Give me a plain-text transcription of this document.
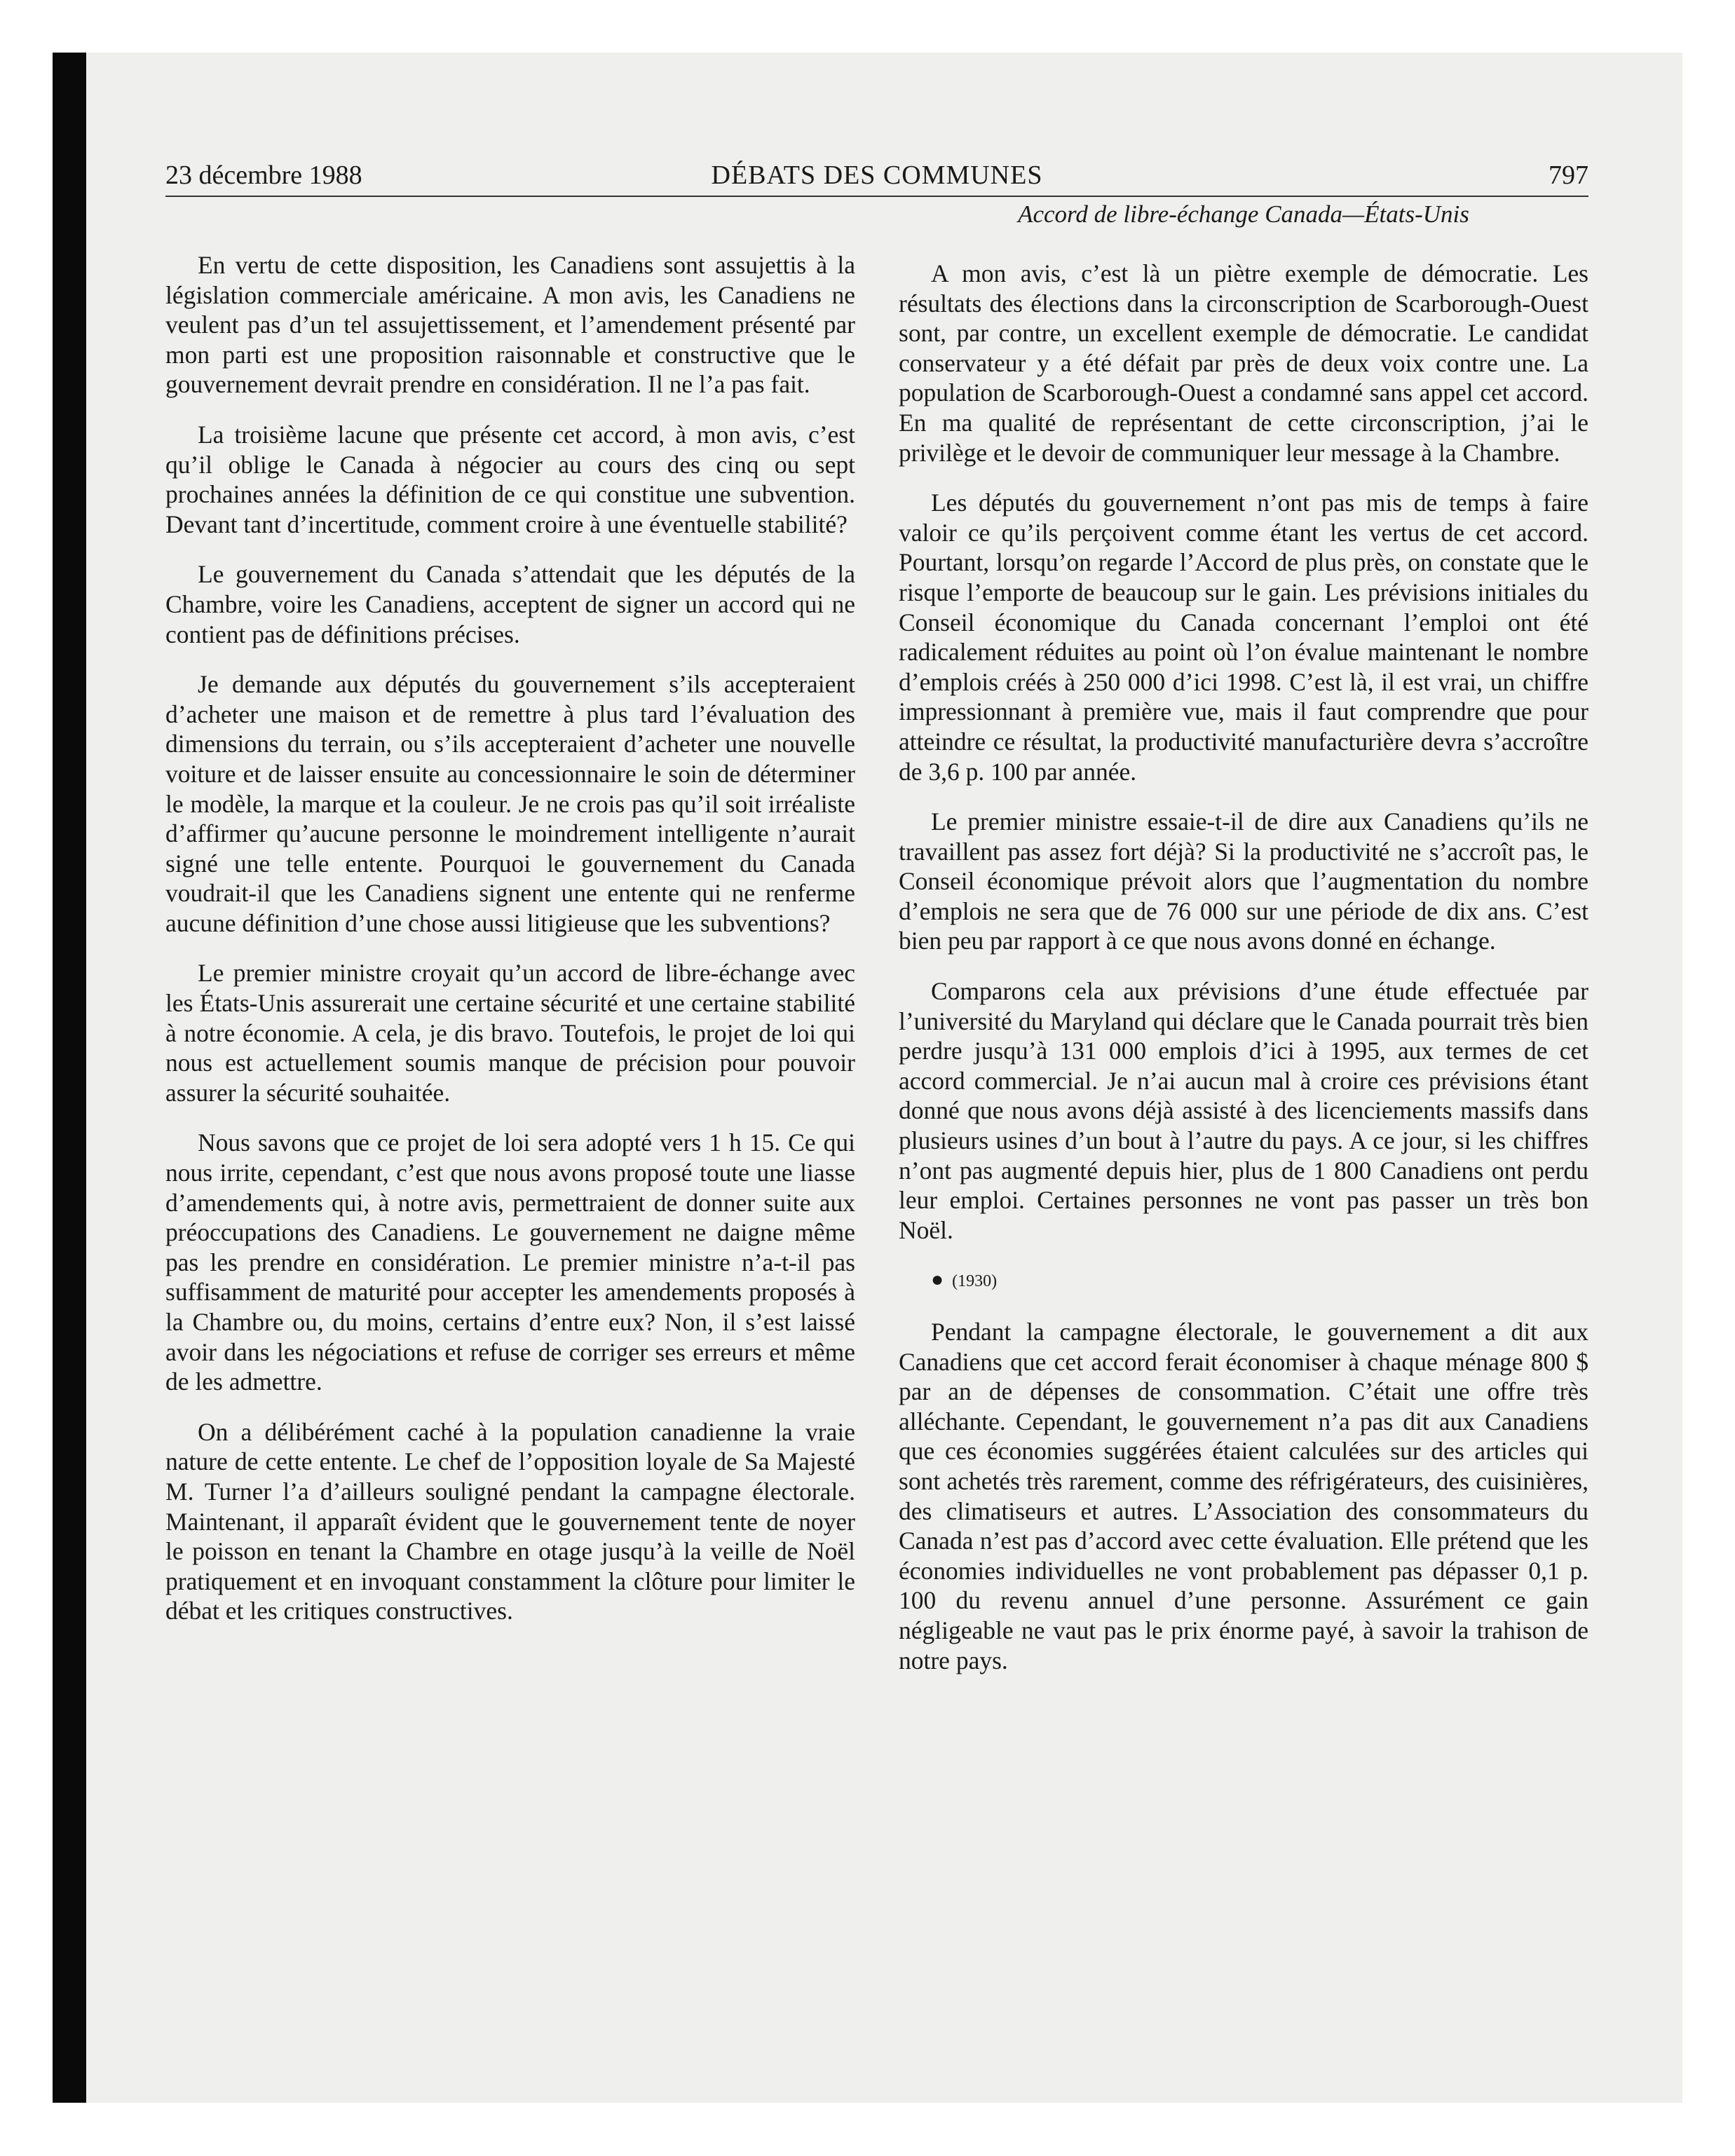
23 décembre 1988	DÉBATS DES COMMUNES	797
Accord de libre-échange Canada—États-Unis

En vertu de cette disposition, les Canadiens sont assujettis à la législation commerciale américaine. A mon avis, les Canadiens ne veulent pas d’un tel assujettissement, et l’amendement présenté par mon parti est une proposition raisonnable et constructive que le gouvernement devrait prendre en considération. Il ne l’a pas fait.

La troisième lacune que présente cet accord, à mon avis, c’est qu’il oblige le Canada à négocier au cours des cinq ou sept prochaines années la définition de ce qui constitue une subvention. Devant tant d’incertitude, comment croire à une éventuelle stabilité?

Le gouvernement du Canada s’attendait que les députés de la Chambre, voire les Canadiens, acceptent de signer un accord qui ne contient pas de définitions précises.

Je demande aux députés du gouvernement s’ils accepteraient d’acheter une maison et de remettre à plus tard l’évaluation des dimensions du terrain, ou s’ils accepteraient d’acheter une nouvelle voiture et de laisser ensuite au concessionnaire le soin de déterminer le modèle, la marque et la couleur. Je ne crois pas qu’il soit irréaliste d’affirmer qu’aucune personne le moindrement intelligente n’aurait signé une telle entente. Pourquoi le gouvernement du Canada voudrait-il que les Canadiens signent une entente qui ne renferme aucune définition d’une chose aussi litigieuse que les subventions?

Le premier ministre croyait qu’un accord de libre-échange avec les États-Unis assurerait une certaine sécurité et une certaine stabilité à notre économie. A cela, je dis bravo. Toutefois, le projet de loi qui nous est actuellement soumis manque de précision pour pouvoir assurer la sécurité souhaitée.

Nous savons que ce projet de loi sera adopté vers 1 h 15. Ce qui nous irrite, cependant, c’est que nous avons proposé toute une liasse d’amendements qui, à notre avis, permettraient de donner suite aux préoccupations des Canadiens. Le gouvernement ne daigne même pas les prendre en considération. Le premier ministre n’a-t-il pas suffisamment de maturité pour accepter les amendements proposés à la Chambre ou, du moins, certains d’entre eux? Non, il s’est laissé avoir dans les négociations et refuse de corriger ses erreurs et même de les admettre.

On a délibérément caché à la population canadienne la vraie nature de cette entente. Le chef de l’opposition loyale de Sa Majesté M. Turner l’a d’ailleurs souligné pendant la campagne électorale. Maintenant, il apparaît évident que le gouvernement tente de noyer le poisson en tenant la Chambre en otage jusqu’à la veille de Noël pratiquement et en invoquant constamment la clôture pour limiter le débat et les critiques constructives.

A mon avis, c’est là un piètre exemple de démocratie. Les résultats des élections dans la circonscription de Scarborough-Ouest sont, par contre, un excellent exemple de démocratie. Le candidat conservateur y a été défait par près de deux voix contre une. La population de Scarborough-Ouest a condamné sans appel cet accord. En ma qualité de représentant de cette circonscription, j’ai le privilège et le devoir de communiquer leur message à la Chambre.

Les députés du gouvernement n’ont pas mis de temps à faire valoir ce qu’ils perçoivent comme étant les vertus de cet accord. Pourtant, lorsqu’on regarde l’Accord de plus près, on constate que le risque l’emporte de beaucoup sur le gain. Les prévisions initiales du Conseil économique du Canada concernant l’emploi ont été radicalement réduites au point où l’on évalue maintenant le nombre d’emplois créés à 250 000 d’ici 1998. C’est là, il est vrai, un chiffre impressionnant à première vue, mais il faut comprendre que pour atteindre ce résultat, la productivité manufacturière devra s’accroître de 3,6 p. 100 par année.

Le premier ministre essaie-t-il de dire aux Canadiens qu’ils ne travaillent pas assez fort déjà? Si la productivité ne s’accroît pas, le Conseil économique prévoit alors que l’augmentation du nombre d’emplois ne sera que de 76 000 sur une période de dix ans. C’est bien peu par rapport à ce que nous avons donné en échange.

Comparons cela aux prévisions d’une étude effectuée par l’université du Maryland qui déclare que le Canada pourrait très bien perdre jusqu’à 131 000 emplois d’ici à 1995, aux termes de cet accord commercial. Je n’ai aucun mal à croire ces prévisions étant donné que nous avons déjà assisté à des licenciements massifs dans plusieurs usines d’un bout à l’autre du pays. A ce jour, si les chiffres n’ont pas augmenté depuis hier, plus de 1 800 Canadiens ont perdu leur emploi. Certaines personnes ne vont pas passer un très bon Noël.

● (1930)

Pendant la campagne électorale, le gouvernement a dit aux Canadiens que cet accord ferait économiser à chaque ménage 800 $ par an de dépenses de consommation. C’était une offre très alléchante. Cependant, le gouvernement n’a pas dit aux Canadiens que ces économies suggérées étaient calculées sur des articles qui sont achetés très rarement, comme des réfrigérateurs, des cuisinières, des climatiseurs et autres. L’Association des consommateurs du Canada n’est pas d’accord avec cette évaluation. Elle prétend que les économies individuelles ne vont probablement pas dépasser 0,1 p. 100 du revenu annuel d’une personne. Assurément ce gain négligeable ne vaut pas le prix énorme payé, à savoir la trahison de notre pays.
